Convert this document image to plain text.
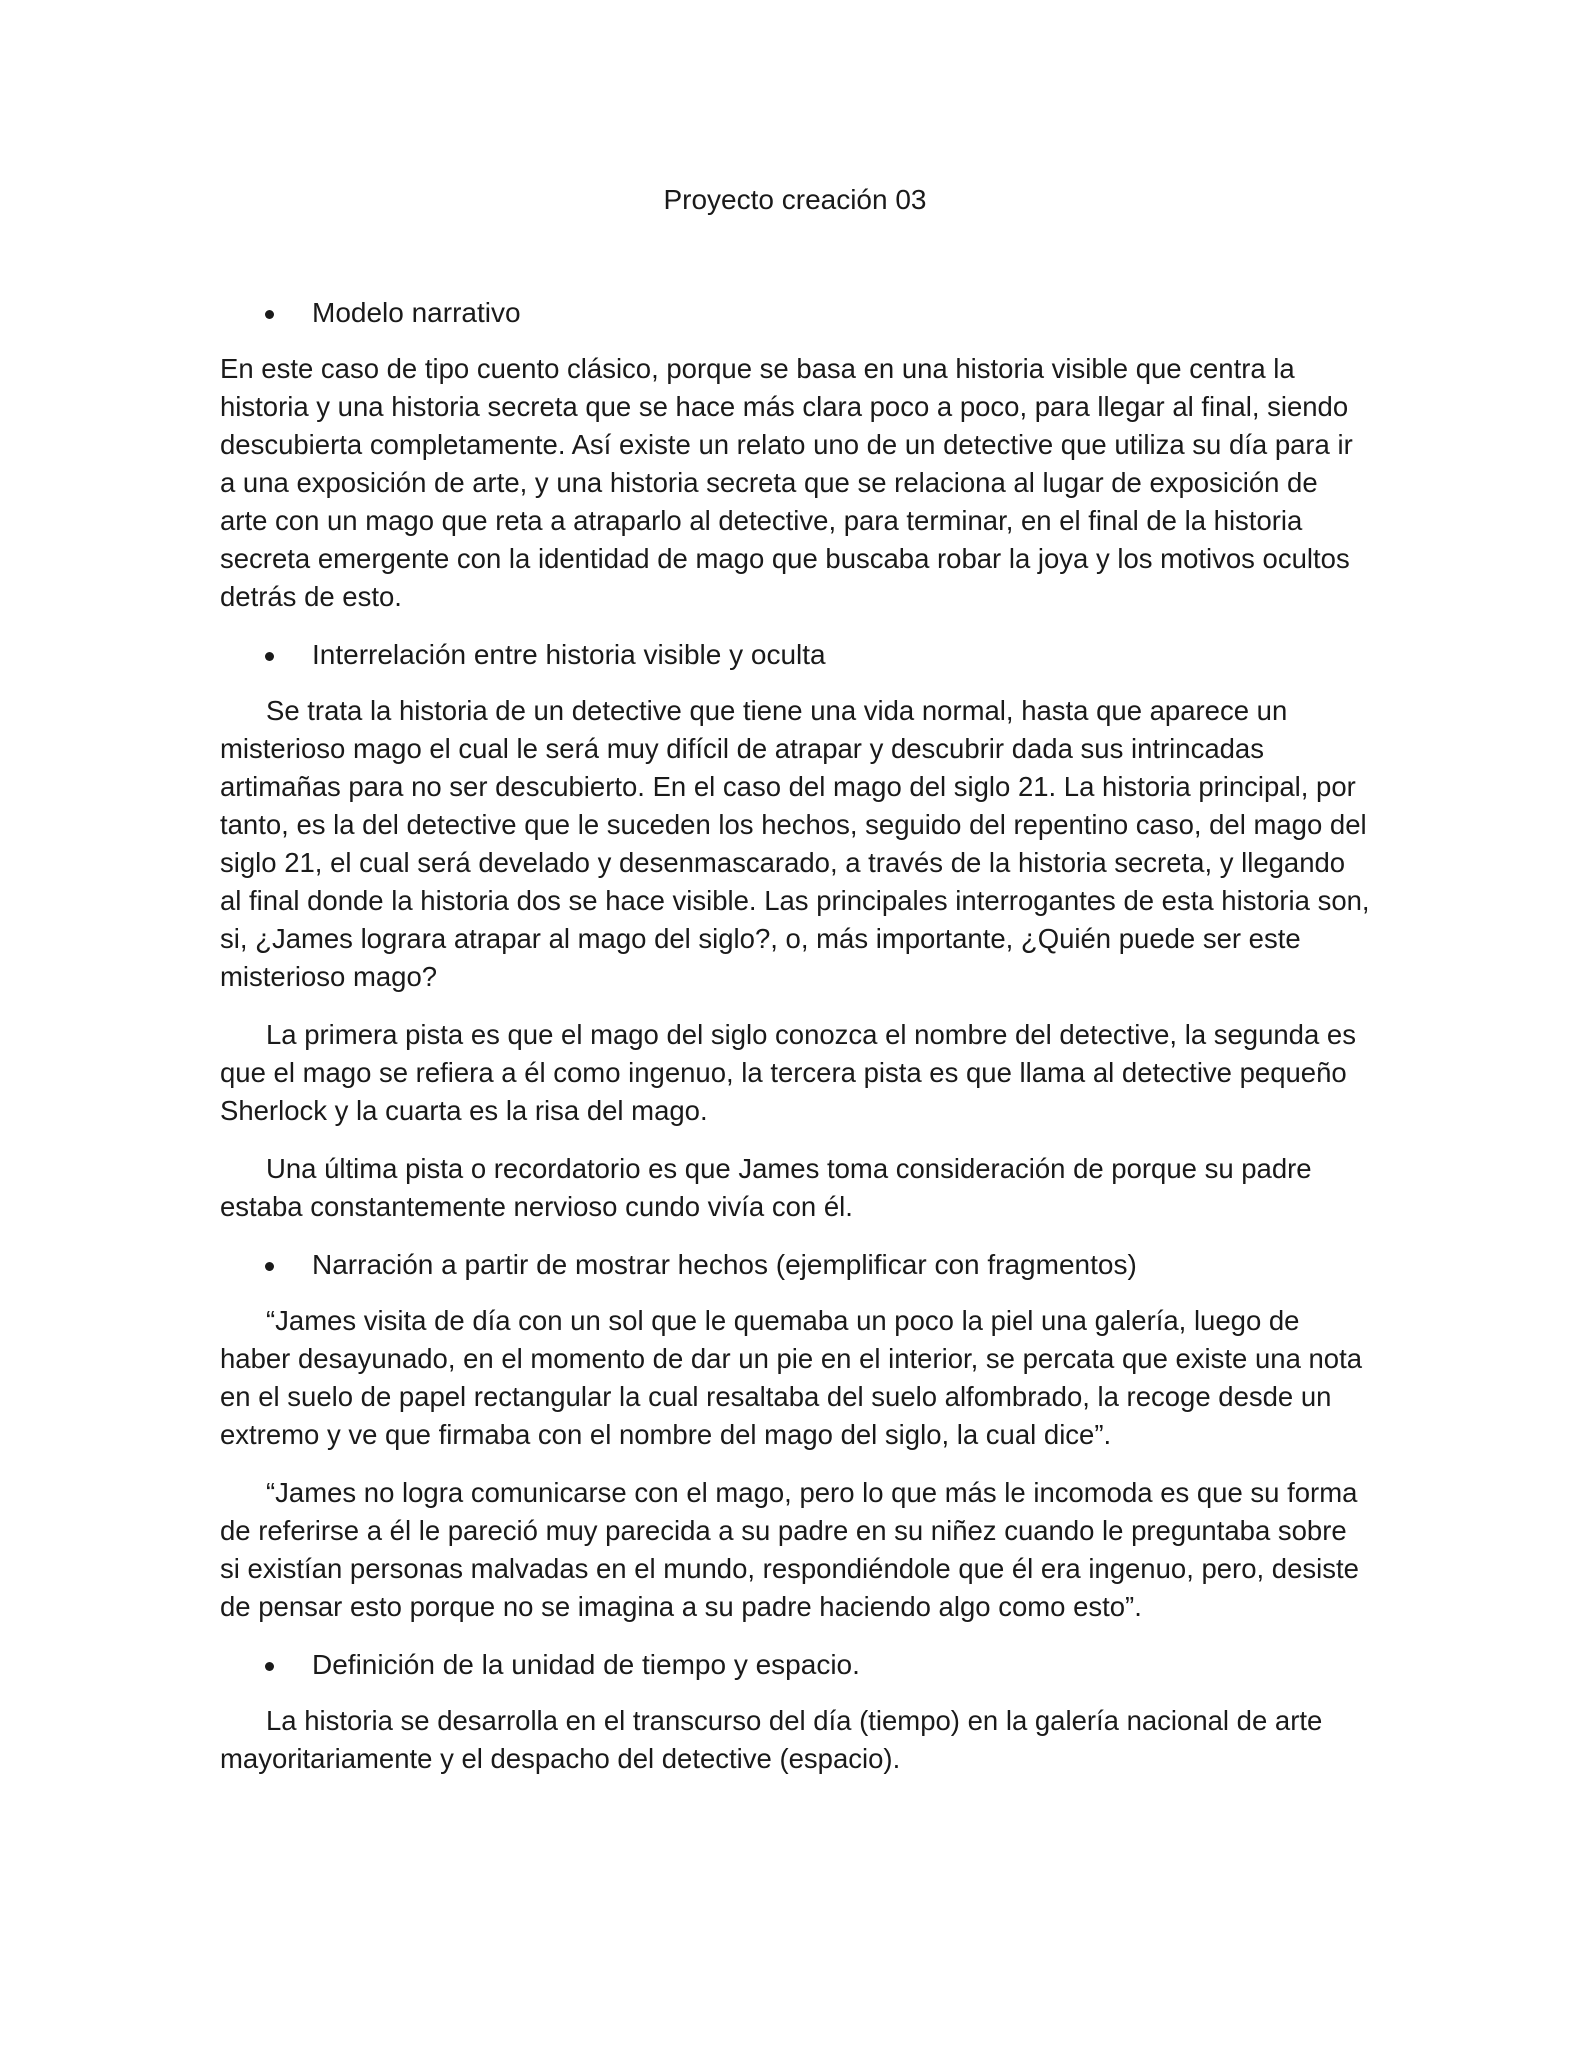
Proyecto creación 03
Modelo narrativo

En este caso de tipo cuento clásico, porque se basa en una historia visible que centra la historia y una historia secreta que se hace más clara poco a poco, para llegar al final, siendo descubierta completamente. Así existe un relato uno de un detective que utiliza su día para ir a una exposición de arte, y una historia secreta que se relaciona al lugar de exposición de arte con un mago que reta a atraparlo al detective, para terminar, en el final de la historia secreta emergente con la identidad de mago que buscaba robar la joya y los motivos ocultos detrás de esto.

Interrelación entre historia visible y oculta

Se trata la historia de un detective que tiene una vida normal, hasta que aparece un misterioso mago el cual le será muy difícil de atrapar y descubrir dada sus intrincadas artimañas para no ser descubierto. En el caso del mago del siglo 21. La historia principal, por tanto, es la del detective que le suceden los hechos, seguido del repentino caso, del mago del siglo 21, el cual será develado y desenmascarado, a través de la historia secreta, y llegando al final donde la historia dos se hace visible. Las principales interrogantes de esta historia son, si, ¿James lograra atrapar al mago del siglo?, o, más importante, ¿Quién puede ser este misterioso mago?

La primera pista es que el mago del siglo conozca el nombre del detective, la segunda es que el mago se refiera a él como ingenuo, la tercera pista es que llama al detective pequeño Sherlock y la cuarta es la risa del mago.

Una última pista o recordatorio es que James toma consideración de porque su padre estaba constantemente nervioso cundo vivía con él.

Narración a partir de mostrar hechos (ejemplificar con fragmentos)

“James visita de día con un sol que le quemaba un poco la piel una galería, luego de haber desayunado, en el momento de dar un pie en el interior, se percata que existe una nota en el suelo de papel rectangular la cual resaltaba del suelo alfombrado, la recoge desde un extremo y ve que firmaba con el nombre del mago del siglo, la cual dice”.

“James no logra comunicarse con el mago, pero lo que más le incomoda es que su forma de referirse a él le pareció muy parecida a su padre en su niñez cuando le preguntaba sobre si existían personas malvadas en el mundo, respondiéndole que él era ingenuo, pero, desiste de pensar esto porque no se imagina a su padre haciendo algo como esto”.

Definición de la unidad de tiempo y espacio.

La historia se desarrolla en el transcurso del día (tiempo) en la galería nacional de arte mayoritariamente y el despacho del detective (espacio).
